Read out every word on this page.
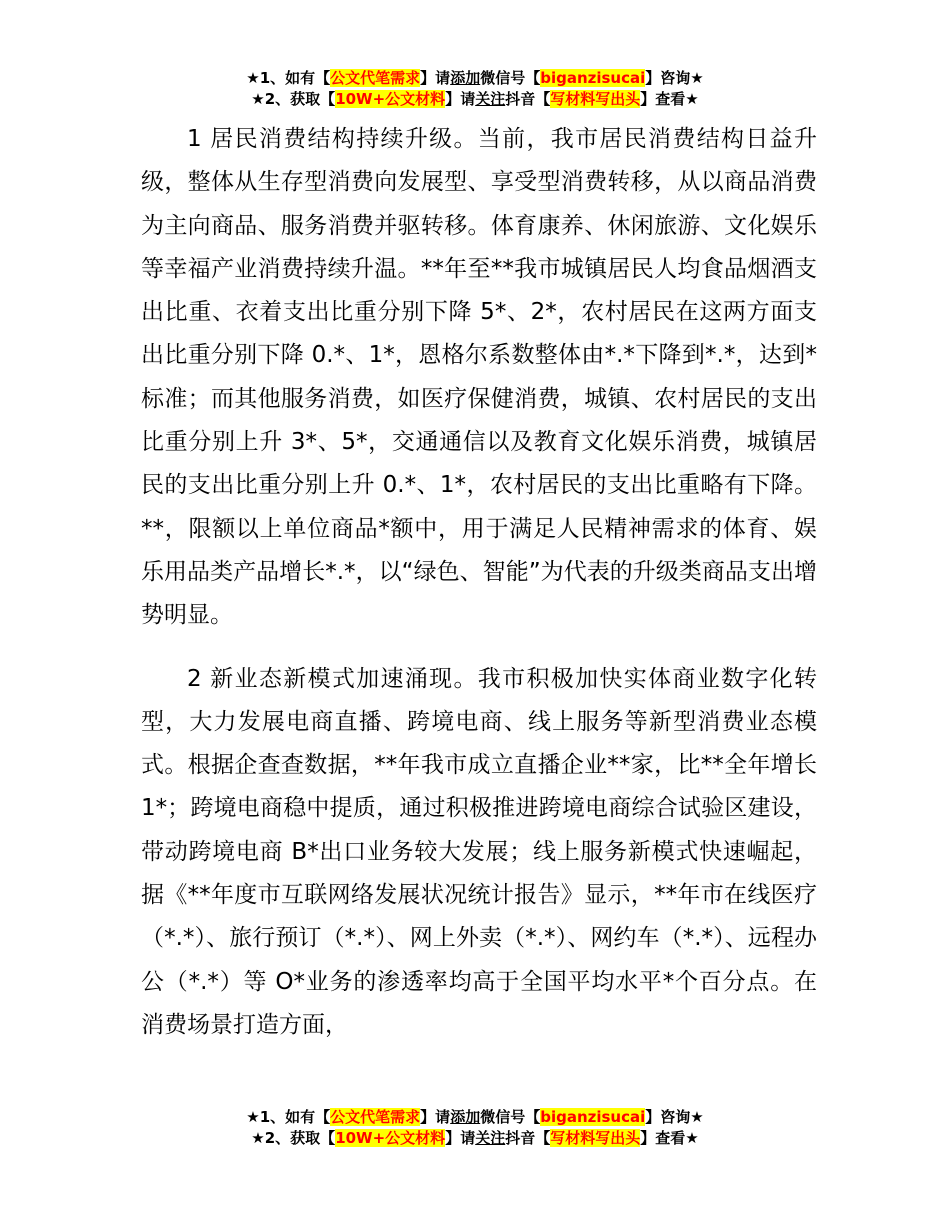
★1、如有【公文代笔需求】请添加微信号【biganzisucai】咨询★
★2、获取【10W+公文材料】请关注抖音【写材料写出头】查看★

1 居民消费结构持续升级。当前，我市居民消费结构日益升级，整体从生存型消费向发展型、享受型消费转移，从以商品消费为主向商品、服务消费并驱转移。体育康养、休闲旅游、文化娱乐等幸福产业消费持续升温。**年至**我市城镇居民人均食品烟酒支出比重、衣着支出比重分别下降 5*、2*，农村居民在这两方面支出比重分别下降 0.*、1*，恩格尔系数整体由*.*下降到*.*，达到*标准；而其他服务消费，如医疗保健消费，城镇、农村居民的支出比重分别上升 3*、5*，交通通信以及教育文化娱乐消费，城镇居民的支出比重分别上升 0.*、1*，农村居民的支出比重略有下降。**，限额以上单位商品*额中，用于满足人民精神需求的体育、娱乐用品类产品增长*.*，以“绿色、智能”为代表的升级类商品支出增势明显。

2 新业态新模式加速涌现。我市积极加快实体商业数字化转型，大力发展电商直播、跨境电商、线上服务等新型消费业态模式。根据企查查数据，**年我市成立直播企业**家，比**全年增长 1*；跨境电商稳中提质，通过积极推进跨境电商综合试验区建设，带动跨境电商 B*出口业务较大发展；线上服务新模式快速崛起，据《**年度市互联网络发展状况统计报告》显示，**年市在线医疗（*.*）、旅行预订（*.*）、网上外卖（*.*）、网约车（*.*）、远程办公（*.*）等 O*业务的渗透率均高于全国平均水平*个百分点。在消费场景打造方面，

★1、如有【公文代笔需求】请添加微信号【biganzisucai】咨询★
★2、获取【10W+公文材料】请关注抖音【写材料写出头】查看★
